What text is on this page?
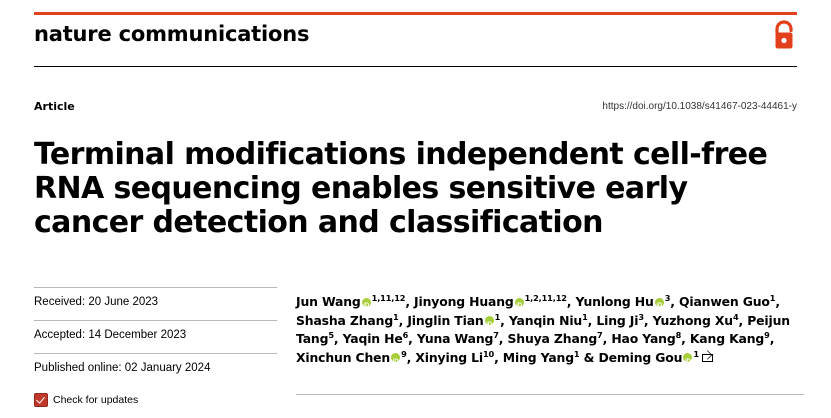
nature communications
Article	https://doi.org/10.1038/s41467-023-44461-y
Terminal modifications independent cell-free RNA sequencing enables sensitive early cancer detection and classification
Received: 20 June 2023
Accepted: 14 December 2023
Published online: 02 January 2024
Check for updates
Jun Wang iD $^{1,11,12}$, Jinyong Huang iD $^{1,2,11,12}$, Yunlong Hu iD $^3$, Qianwen Guo$^1$, Shasha Zhang$^1$, Jinglin Tian iD $^1$, Yanqin Niu$^1$, Ling Ji$^3$, Yuzhong Xu$^4$, Peijun Tang$^5$, Yaqin He$^6$, Yuna Wang$^7$, Shuya Zhang$^7$, Hao Yang$^8$, Kang Kang$^9$, Xinchun Chen iD $^9$, Xinying Li$^{10}$, Ming Yang$^1$ & Deming Gou iD $^1$
